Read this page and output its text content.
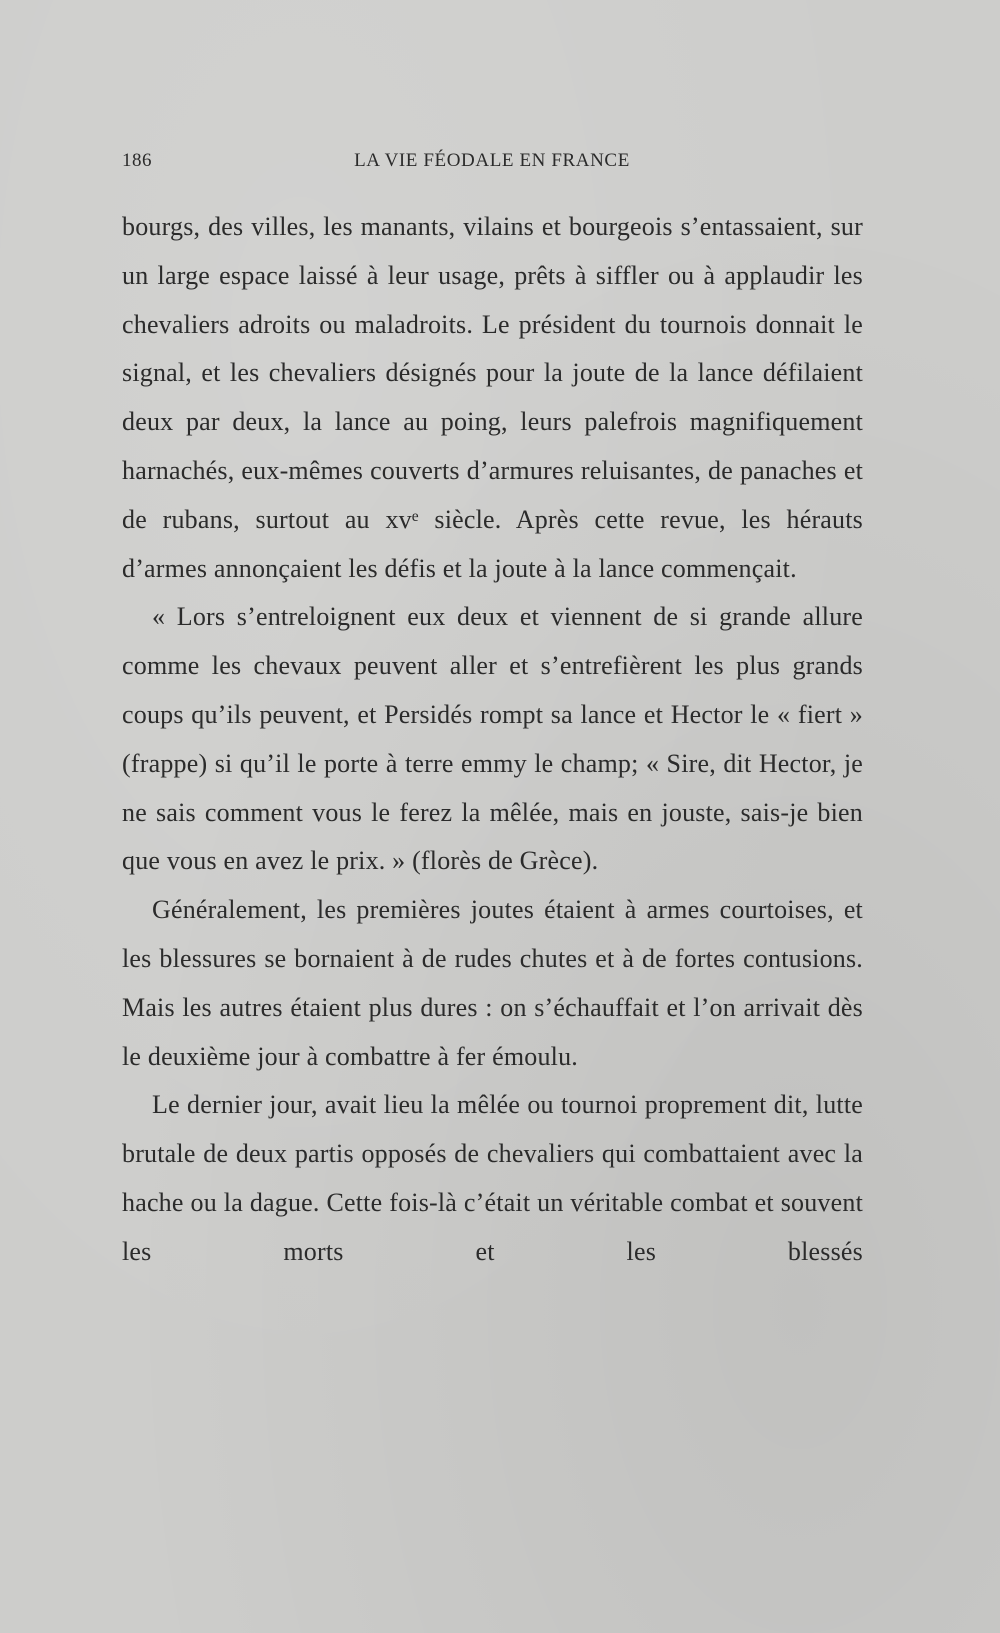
186	LA VIE FÉODALE EN FRANCE

bourgs, des villes, les manants, vilains et bourgeois s’entassaient, sur un large espace laissé à leur usage, prêts à siffler ou à applaudir les chevaliers adroits ou maladroits. Le président du tournois donnait le signal, et les chevaliers désignés pour la joute de la lance défilaient deux par deux, la lance au poing, leurs palefrois magnifiquement harnachés, eux-mêmes couverts d’armures reluisantes, de panaches et de rubans, surtout au xvᵉ siècle. Après cette revue, les hérauts d’armes annonçaient les défis et la joute à la lance commençait.

« Lors s’entreloignent eux deux et viennent de si grande allure comme les chevaux peuvent aller et s’entrefièrent les plus grands coups qu’ils peuvent, et Persidés rompt sa lance et Hector le « fiert » (frappe) si qu’il le porte à terre emmy le champ; « Sire, dit Hector, je ne sais comment vous le ferez la mêlée, mais en jouste, sais-je bien que vous en avez le prix. » (florès de Grèce).

Généralement, les premières joutes étaient à armes courtoises, et les blessures se bornaient à de rudes chutes et à de fortes contusions. Mais les autres étaient plus dures : on s’échauffait et l’on arrivait dès le deuxième jour à combattre à fer émoulu.

Le dernier jour, avait lieu la mêlée ou tournoi proprement dit, lutte brutale de deux partis opposés de chevaliers qui combattaient avec la hache ou la dague. Cette fois-là c’était un véritable combat et souvent les morts et les blessés
